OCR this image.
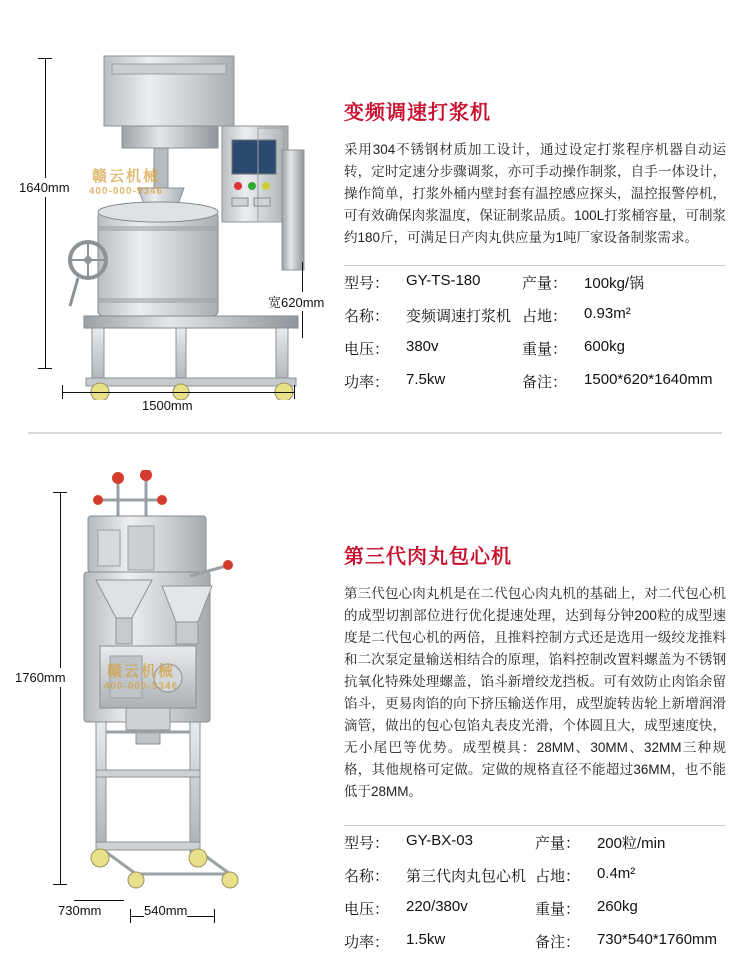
赣云机械
400-000-9346
1640mm
1500mm
宽620mm
变频调速打浆机
采用304不锈钢材质加工设计，通过设定打浆程序机器自动运转，定时定速分步骤调浆，亦可手动操作制浆，自手一体设计，操作简单，打浆外桶内壁封套有温控感应探头，温控报警停机，可有效确保肉浆温度，保证制浆品质。100L打浆桶容量，可制浆约180斤，可满足日产肉丸供应量为1吨厂家设备制浆需求。
型号：	GY-TS-180	产量：	100kg/锅
名称：	变频调速打浆机	占地：	0.93m²
电压：	380v	重量：	600kg
功率：	7.5kw	备注：	1500*620*1640mm
赣云机械
400-000-9346
1760mm
730mm	540mm
第三代肉丸包心机
第三代包心肉丸机是在二代包心肉丸机的基础上，对二代包心机的成型切割部位进行优化提速处理，达到每分钟200粒的成型速度是二代包心机的两倍，且推料控制方式还是选用一级绞龙推料和二次泵定量输送相结合的原理，馅料控制改置料螺盖为不锈钢抗氧化特殊处理螺盖，馅斗新增绞龙挡板。可有效防止肉馅余留馅斗，更易肉馅的向下挤压输送作用，成型旋转齿轮上新增润滑滴管，做出的包心包馅丸表皮光滑，个体圆且大，成型速度快，无小尾巴等优势。成型模具：28MM、30MM、32MM三种规格，其他规格可定做。定做的规格直径不能超过36MM，也不能低于28MM。
型号：	GY-BX-03	产量：	200粒/min
名称：	第三代肉丸包心机	占地：	0.4m²
电压：	220/380v	重量：	260kg
功率：	1.5kw	备注：	730*540*1760mm
